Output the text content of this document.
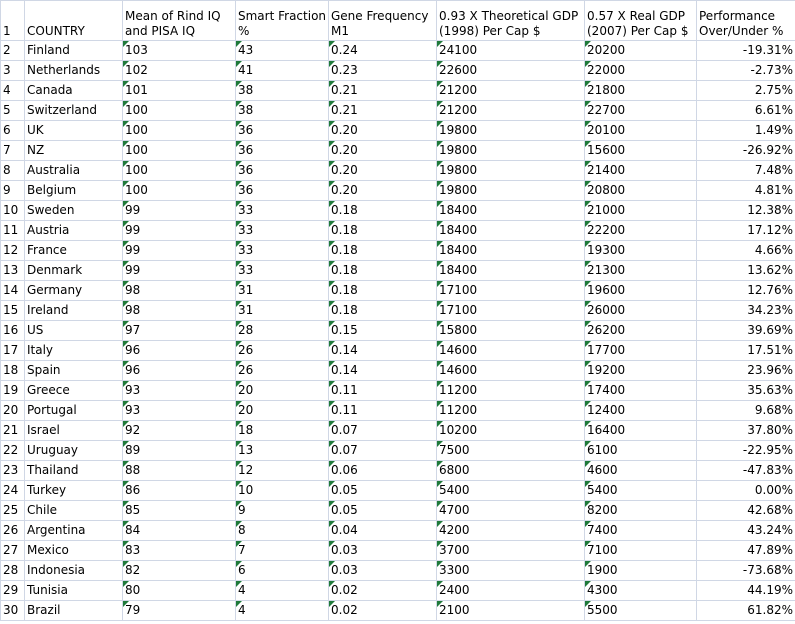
1	COUNTRY	Mean of Rind IQ and PISA IQ	Smart Fraction %	Gene Frequency M1	0.93 X Theoretical GDP (1998) Per Cap $	0.57 X Real GDP (2007) Per Cap $	Performance Over/Under %

2	Finland	103	43	0.24	24100	20200	-19.31%
3	Netherlands	102	41	0.23	22600	22000	-2.73%
4	Canada	101	38	0.21	21200	21800	2.75%
5	Switzerland	100	38	0.21	21200	22700	6.61%
6	UK	100	36	0.20	19800	20100	1.49%
7	NZ	100	36	0.20	19800	15600	-26.92%
8	Australia	100	36	0.20	19800	21400	7.48%
9	Belgium	100	36	0.20	19800	20800	4.81%
10	Sweden	99	33	0.18	18400	21000	12.38%
11	Austria	99	33	0.18	18400	22200	17.12%
12	France	99	33	0.18	18400	19300	4.66%
13	Denmark	99	33	0.18	18400	21300	13.62%
14	Germany	98	31	0.18	17100	19600	12.76%
15	Ireland	98	31	0.18	17100	26000	34.23%
16	US	97	28	0.15	15800	26200	39.69%
17	Italy	96	26	0.14	14600	17700	17.51%
18	Spain	96	26	0.14	14600	19200	23.96%
19	Greece	93	20	0.11	11200	17400	35.63%
20	Portugal	93	20	0.11	11200	12400	9.68%
21	Israel	92	18	0.07	10200	16400	37.80%
22	Uruguay	89	13	0.07	7500	6100	-22.95%
23	Thailand	88	12	0.06	6800	4600	-47.83%
24	Turkey	86	10	0.05	5400	5400	0.00%
25	Chile	85	9	0.05	4700	8200	42.68%
26	Argentina	84	8	0.04	4200	7400	43.24%
27	Mexico	83	7	0.03	3700	7100	47.89%
28	Indonesia	82	6	0.03	3300	1900	-73.68%
29	Tunisia	80	4	0.02	2400	4300	44.19%
30	Brazil	79	4	0.02	2100	5500	61.82%
